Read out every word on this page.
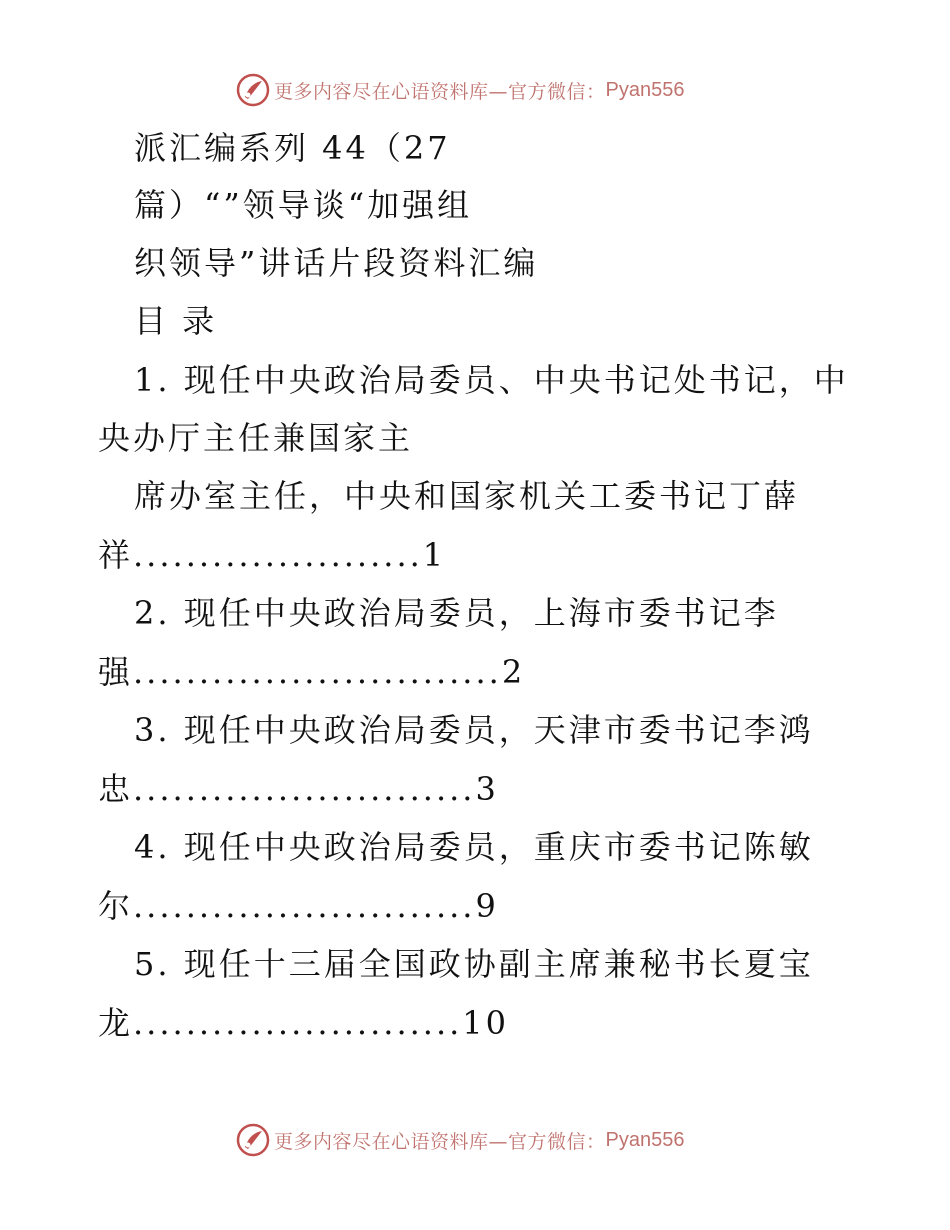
更多内容尽在心语资料库—官方微信： Pyan556
派汇编系列 44（27
篇）“”领导谈“加强组
织领导”讲话片段资料汇编
目 录
1. 现任中央政治局委员、中央书记处书记，中
央办厅主任兼国家主
席办室主任，中央和国家机关工委书记丁薛
祥......................1
2. 现任中央政治局委员，上海市委书记李
强............................2
3. 现任中央政治局委员，天津市委书记李鸿
忠..........................3
4. 现任中央政治局委员，重庆市委书记陈敏
尔..........................9
5. 现任十三届全国政协副主席兼秘书长夏宝
龙.........................10
更多内容尽在心语资料库—官方微信： Pyan556
